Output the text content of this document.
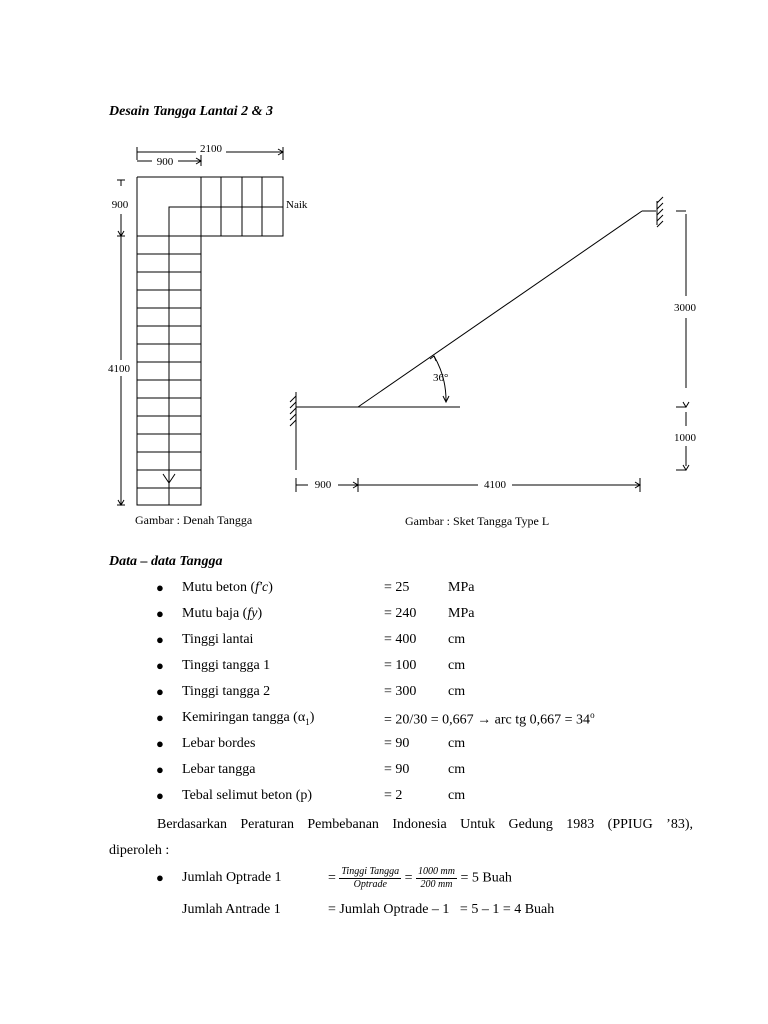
Desain Tangga Lantai 2 & 3
2100
900
900
4100
Naik
Gambar : Denah Tangga
36°
3000
1000
900	4100
Gambar : Sket Tangga Type L
Data – data Tangga
● Mutu beton (f'c)	= 25	MPa
● Mutu baja (fy)	= 240 MPa
● Tinggi lantai	= 400 cm
● Tinggi tangga 1	= 100 cm
● Tinggi tangga 2	= 300 cm
● Kemiringan tangga $(\alpha_1)$	= 20/30 = 0,667 → arc tg $0,667 = 34^o$
● Lebar bordes	= 90	cm
● Lebar tangga	= 90	cm
● Tebal selimut beton (p)	= 2	cm
Berdasarkan Peraturan Pembebanan Indonesia Untuk Gedung 1983 (PPIUG ’83),
diperoleh :
● Jumlah Optrade 1	= $\frac{\text{Tinggi Tangga}}{\text{Optrade}} = \frac{1000 mm}{200 mm} = 5$ Buah
Jumlah Antrade 1	= Jumlah Optrade – 1   = 5 – 1 = 4 Buah
